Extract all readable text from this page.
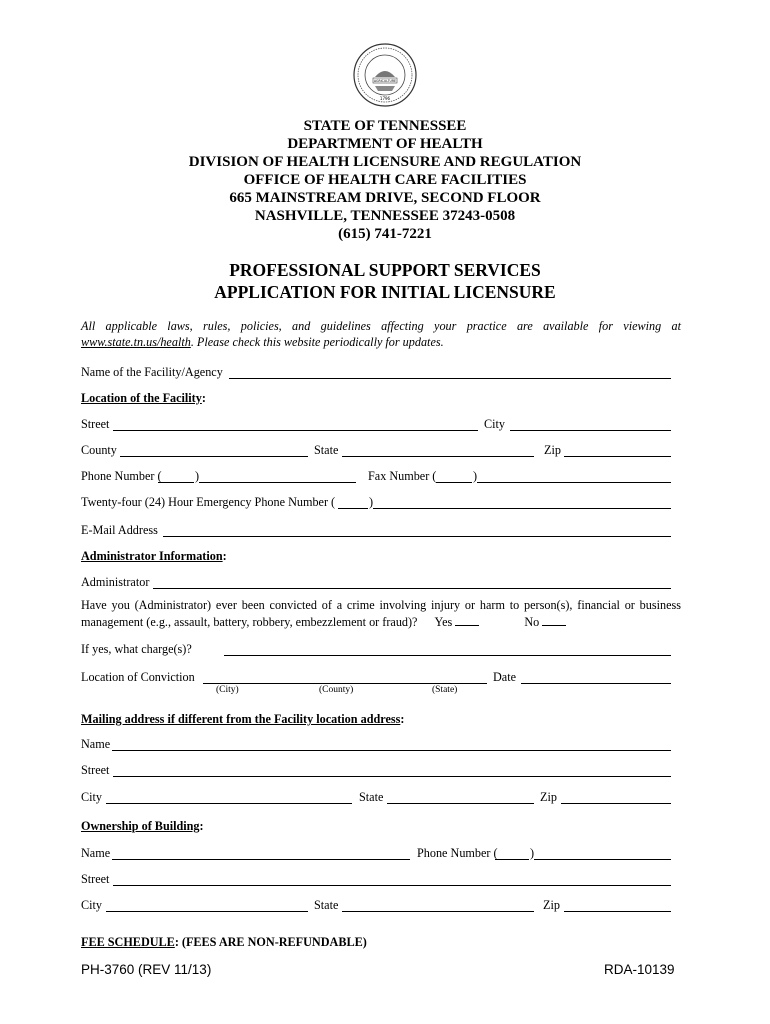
AGRICULTURE
1796
STATE OF TENNESSEE
DEPARTMENT OF HEALTH
DIVISION OF HEALTH LICENSURE AND REGULATION
OFFICE OF HEALTH CARE FACILITIES
665 MAINSTREAM DRIVE, SECOND FLOOR
NASHVILLE, TENNESSEE 37243-0508
(615) 741-7221
PROFESSIONAL SUPPORT SERVICES
APPLICATION FOR INITIAL LICENSURE
All applicable laws, rules, policies, and guidelines affecting your practice are available for viewing at www.state.tn.us/health. Please check this website periodically for updates.
Name of the Facility/Agency
Location of the Facility:
Street	City
County	State	Zip
Phone Number (	)	Fax Number (	)
Twenty-four (24) Hour Emergency Phone Number (	)
E-Mail Address
Administrator Information:
Administrator
Have you (Administrator) ever been convicted of a crime involving injury or harm to person(s), financial or business management (e.g., assault, battery, robbery, embezzlement or fraud)? Yes	No
If yes, what charge(s)?
Location of Conviction	Date
(City)	(County)	(State)
Mailing address if different from the Facility location address:
Name
Street
City	State	Zip
Ownership of Building:
Name	Phone Number (	)
Street
City	State	Zip
FEE SCHEDULE: (FEES ARE NON-REFUNDABLE)
PH-3760 (REV 11/13)	RDA-10139
